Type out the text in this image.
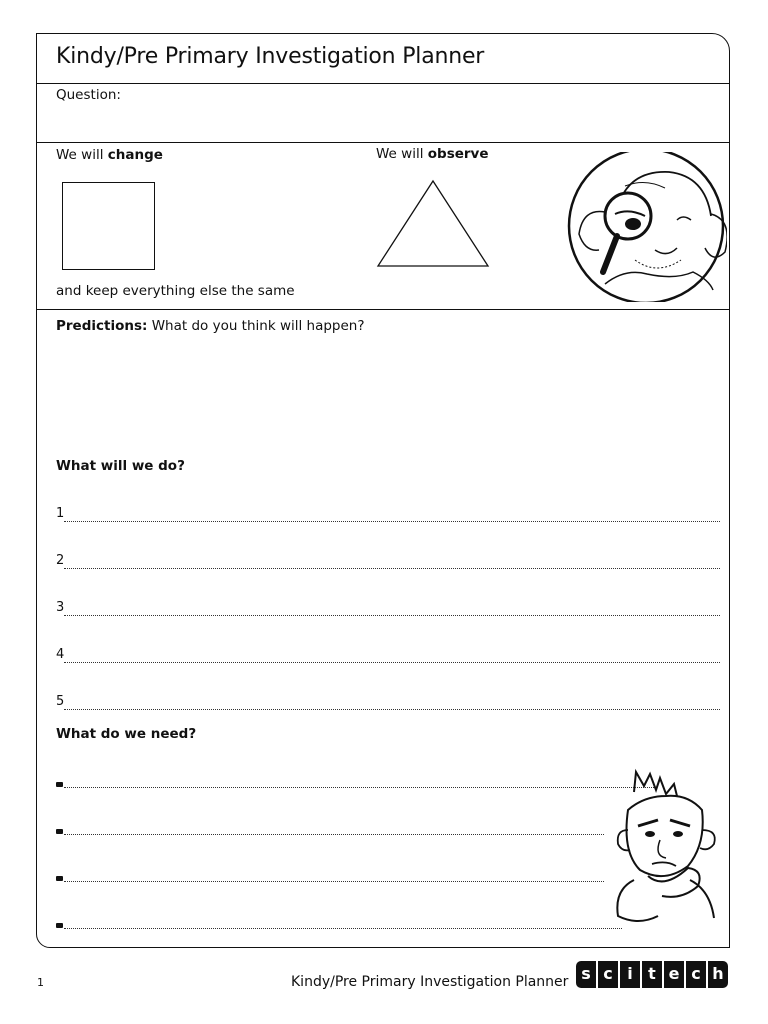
Kindy/Pre Primary Investigation Planner
Question:
We will change	We will observe
and keep everything else the same
Predictions: What do you think will happen?
What will we do?
1
2
3
4
5
What do we need?
1	Kindy/Pre Primary Investigation Planner s c i t e c h
